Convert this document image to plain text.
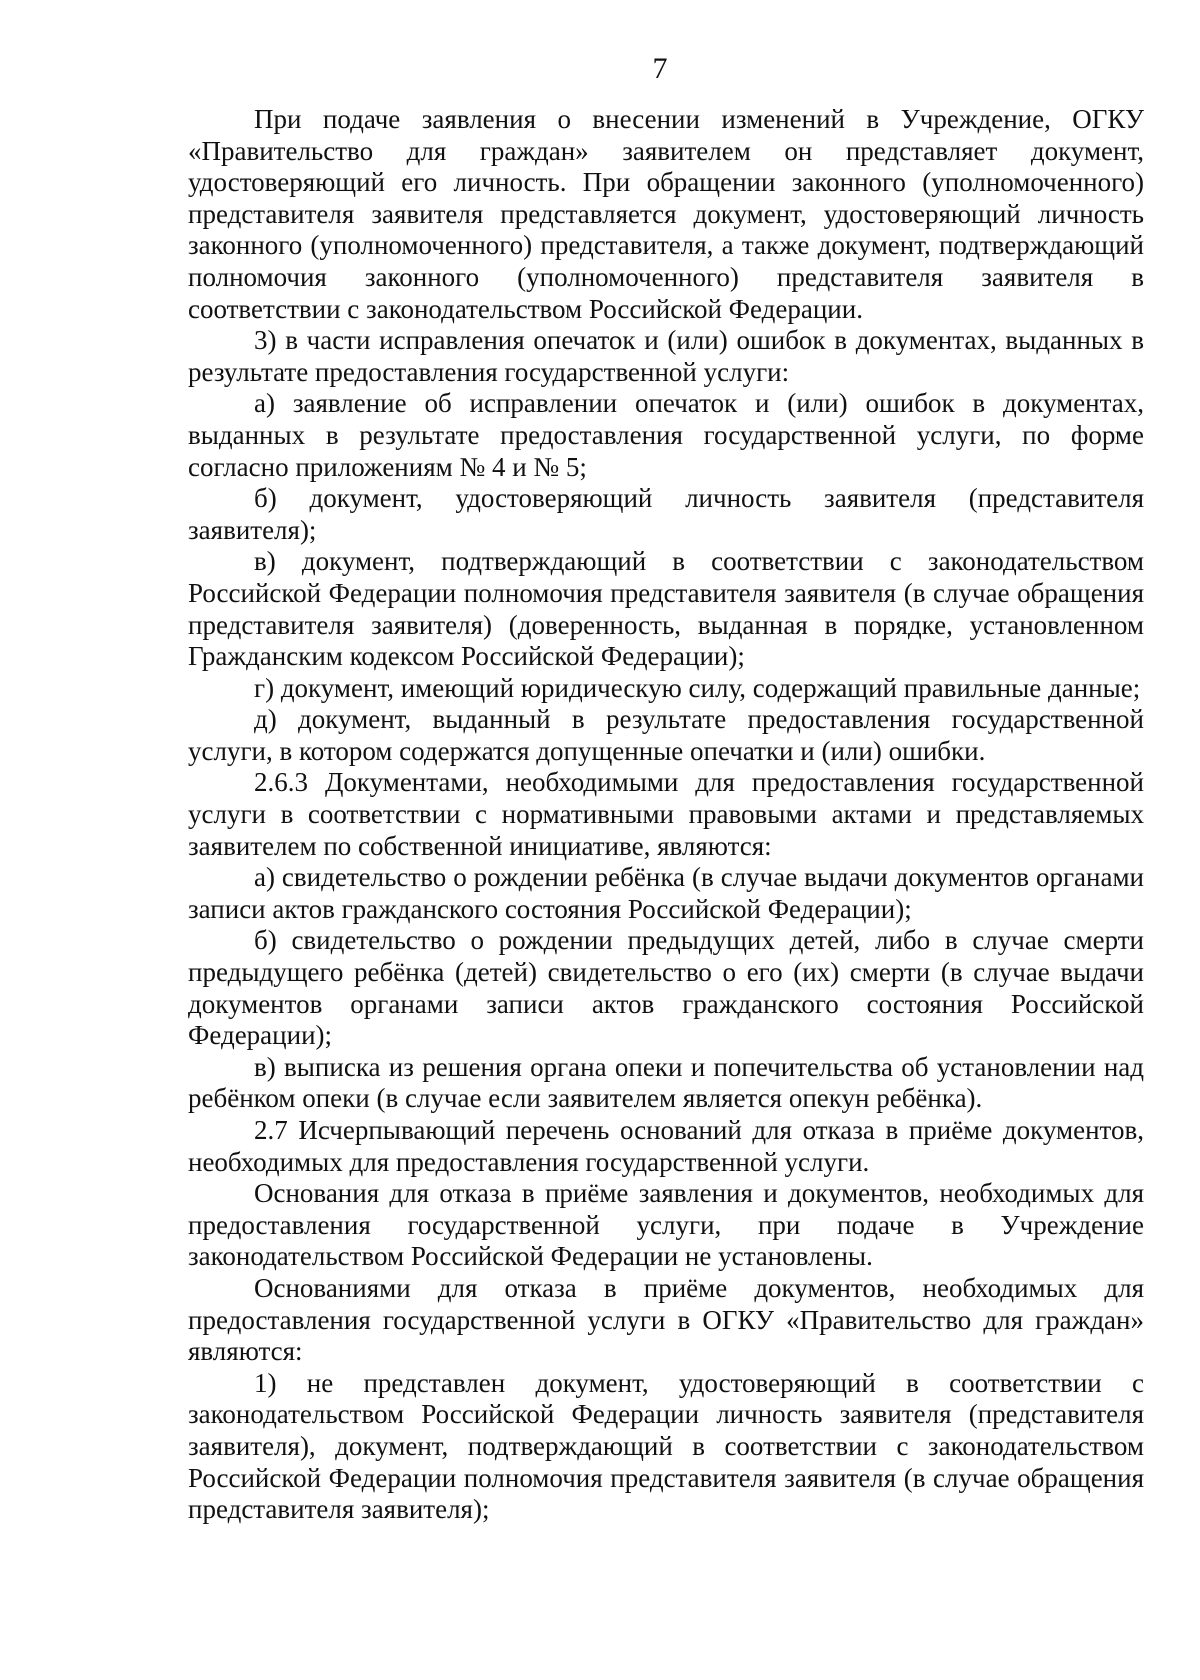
7

При подаче заявления о внесении изменений в Учреждение, ОГКУ «Правительство для граждан» заявителем он представляет документ, удостоверяющий его личность. При обращении законного (уполномоченного) представителя заявителя представляется документ, удостоверяющий личность законного (уполномоченного) представителя, а также документ, подтверждающий полномочия законного (уполномоченного) представителя заявителя в соответствии с законодательством Российской Федерации.

3) в части исправления опечаток и (или) ошибок в документах, выданных в результате предоставления государственной услуги:

а) заявление об исправлении опечаток и (или) ошибок в документах, выданных в результате предоставления государственной услуги, по форме согласно приложениям № 4 и № 5;

б) документ, удостоверяющий личность заявителя (представителя заявителя);

в) документ, подтверждающий в соответствии с законодательством Российской Федерации полномочия представителя заявителя (в случае обращения представителя заявителя) (доверенность, выданная в порядке, установленном Гражданским кодексом Российской Федерации);

г) документ, имеющий юридическую силу, содержащий правильные данные;

д) документ, выданный в результате предоставления государственной услуги, в котором содержатся допущенные опечатки и (или) ошибки.

2.6.3 Документами, необходимыми для предоставления государственной услуги в соответствии с нормативными правовыми актами и представляемых заявителем по собственной инициативе, являются:

а) свидетельство о рождении ребёнка (в случае выдачи документов органами записи актов гражданского состояния Российской Федерации);

б) свидетельство о рождении предыдущих детей, либо в случае смерти предыдущего ребёнка (детей) свидетельство о его (их) смерти (в случае выдачи документов органами записи актов гражданского состояния Российской Федерации);

в) выписка из решения органа опеки и попечительства об установлении над ребёнком опеки (в случае если заявителем является опекун ребёнка).

2.7 Исчерпывающий перечень оснований для отказа в приёме документов, необходимых для предоставления государственной услуги.

Основания для отказа в приёме заявления и документов, необходимых для предоставления государственной услуги, при подаче в Учреждение законодательством Российской Федерации не установлены.

Основаниями для отказа в приёме документов, необходимых для предоставления государственной услуги в ОГКУ «Правительство для граждан» являются:

1) не представлен документ, удостоверяющий в соответствии с законодательством Российской Федерации личность заявителя (представителя заявителя), документ, подтверждающий в соответствии с законодательством Российской Федерации полномочия представителя заявителя (в случае обращения представителя заявителя);
